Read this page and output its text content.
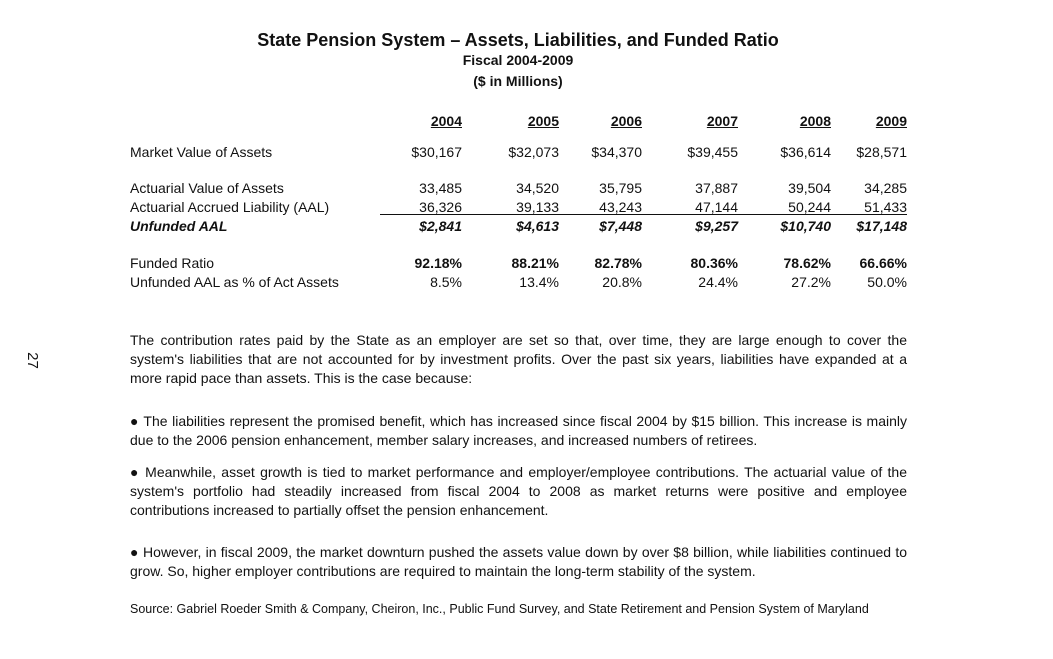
27
State Pension System – Assets, Liabilities, and Funded Ratio
Fiscal 2004-2009
($ in Millions)
2004	2005	2006	2007	2008	2009
Market Value of Assets	$30,167	$32,073 $34,370	$39,455	$36,614 $28,571
Actuarial Value of Assets	33,485	34,520	35,795	37,887	39,504 34,285
Actuarial Accrued Liability (AAL)	36,326	39,133	43,243	47,144	50,244 51,433
Unfunded AAL	$2,841	$4,613	$7,448	$9,257	$10,740 $17,148
Funded Ratio	92.18%	88.21%	82.78%	80.36%	78.62% 66.66%
Unfunded AAL as % of Act Assets	8.5%	13.4%	20.8%	24.4%	27.2%	50.0%

The contribution rates paid by the State as an employer are set so that, over time, they are large enough to cover the system's liabilities that are not accounted for by investment profits. Over the past six years, liabilities have expanded at a more rapid pace than assets. This is the case because:

● The liabilities represent the promised benefit, which has increased since fiscal 2004 by $15 billion. This increase is mainly due to the 2006 pension enhancement, member salary increases, and increased numbers of retirees.

● Meanwhile, asset growth is tied to market performance and employer/employee contributions. The actuarial value of the system's portfolio had steadily increased from fiscal 2004 to 2008 as market returns were positive and employee contributions increased to partially offset the pension enhancement.

● However, in fiscal 2009, the market downturn pushed the assets value down by over $8 billion, while liabilities continued to grow. So, higher employer contributions are required to maintain the long-term stability of the system.

Source: Gabriel Roeder Smith & Company, Cheiron, Inc., Public Fund Survey, and State Retirement and Pension System of Maryland
